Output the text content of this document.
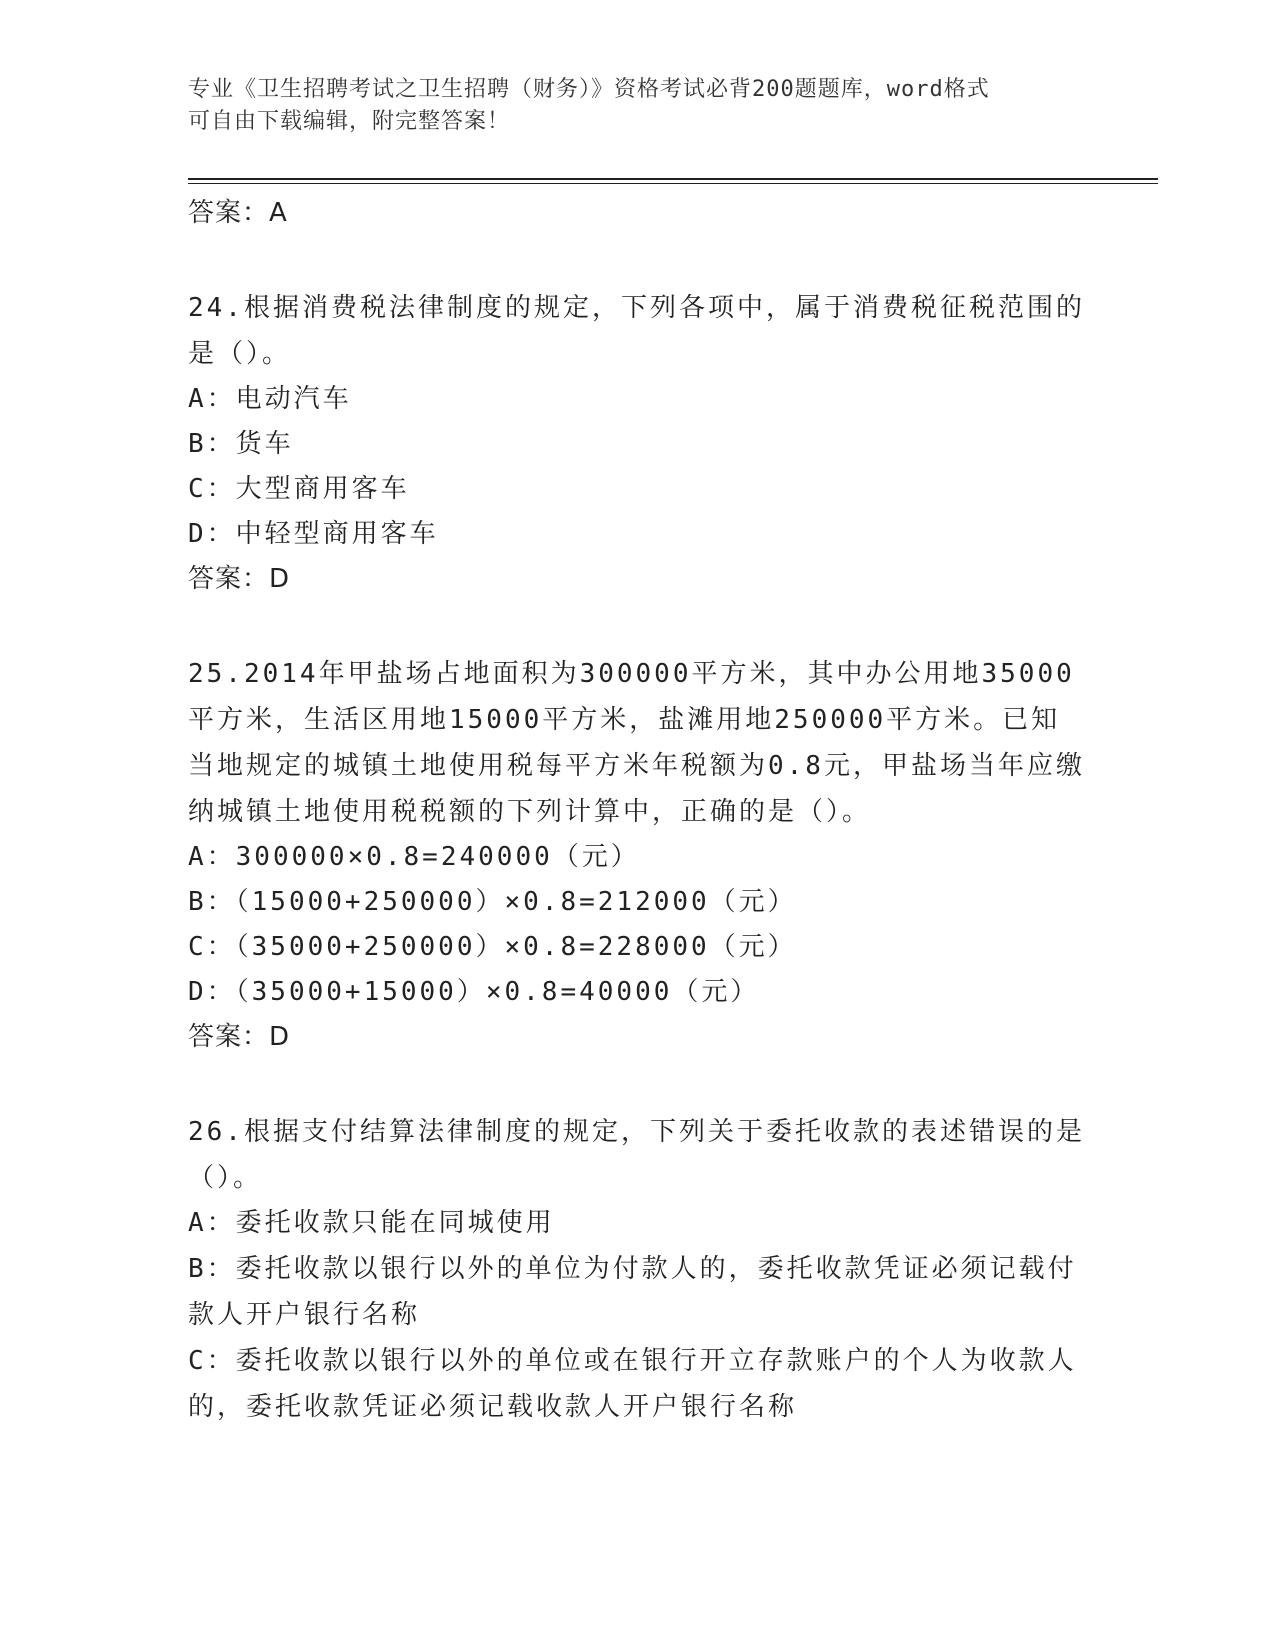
专业《卫生招聘考试之卫生招聘（财务）》资格考试必背200题题库，word格式
可自由下载编辑，附完整答案！
答案：A
24.根据消费税法律制度的规定，下列各项中，属于消费税征税范围的是（）。
A：电动汽车
B：货车
C：大型商用客车
D：中轻型商用客车
答案：D
25.2014年甲盐场占地面积为300000平方米，其中办公用地35000平方米，生活区用地15000平方米，盐滩用地250000平方米。已知当地规定的城镇土地使用税每平方米年税额为0.8元，甲盐场当年应缴纳城镇土地使用税税额的下列计算中，正确的是（）。
A：300000×0.8=240000（元）
B：（15000+250000）×0.8=212000（元）
C：（35000+250000）×0.8=228000（元）
D：（35000+15000）×0.8=40000（元）
答案：D
26.根据支付结算法律制度的规定，下列关于委托收款的表述错误的是（）。
A：委托收款只能在同城使用
B：委托收款以银行以外的单位为付款人的，委托收款凭证必须记载付款人开户银行名称
C：委托收款以银行以外的单位或在银行开立存款账户的个人为收款人的，委托收款凭证必须记载收款人开户银行名称
